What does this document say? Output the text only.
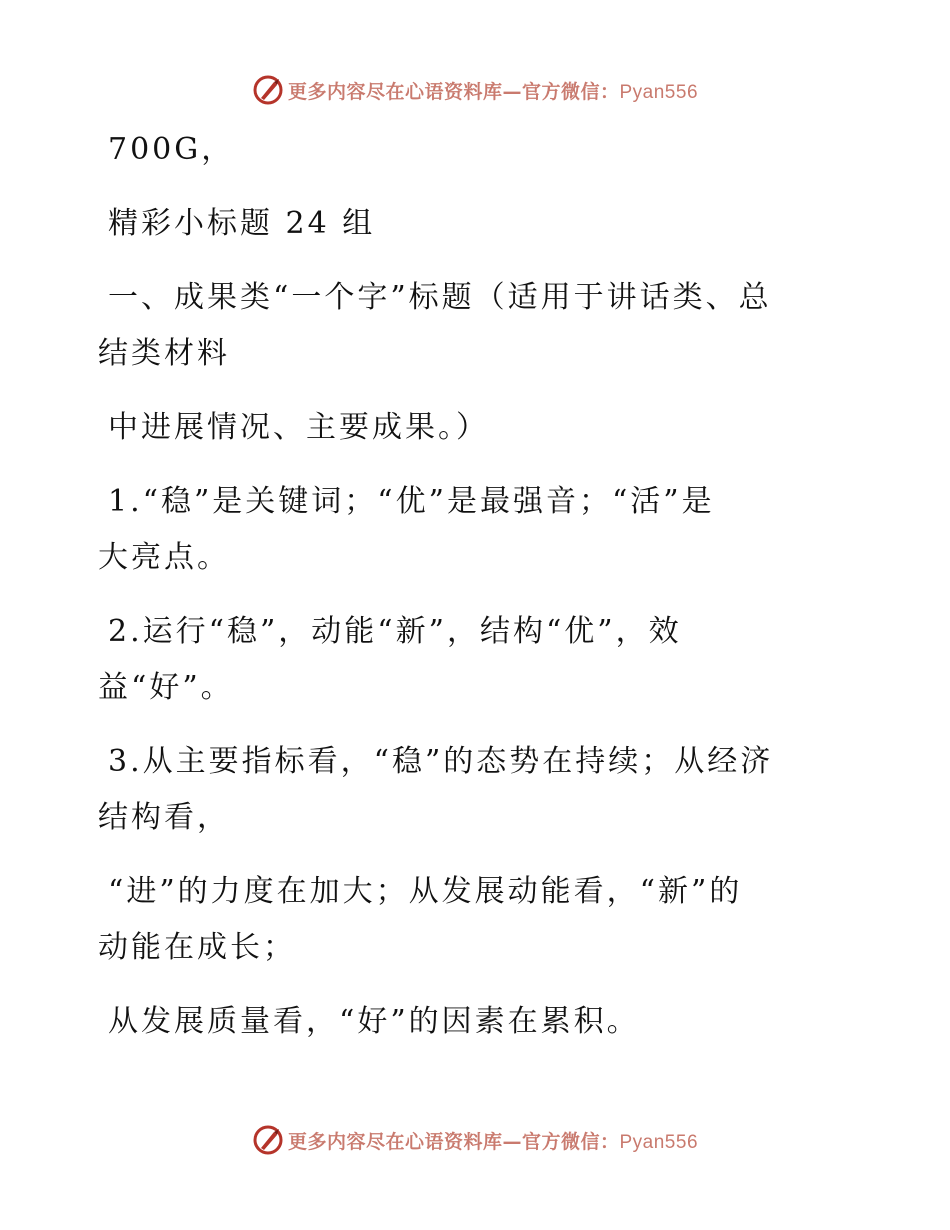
更多内容尽在心语资料库—官方微信：Pyan556
700G，
精彩小标题 24 组
一、成果类“一个字”标题（适用于讲话类、总
结类材料
中进展情况、主要成果。）
1.“稳”是关键词；“优”是最强音；“活”是
大亮点。
2.运行“稳”，动能“新”，结构“优”，效
益“好”。
3.从主要指标看，“稳”的态势在持续；从经济
结构看，
“进”的力度在加大；从发展动能看，“新”的
动能在成长；
从发展质量看，“好”的因素在累积。
更多内容尽在心语资料库—官方微信：Pyan556
